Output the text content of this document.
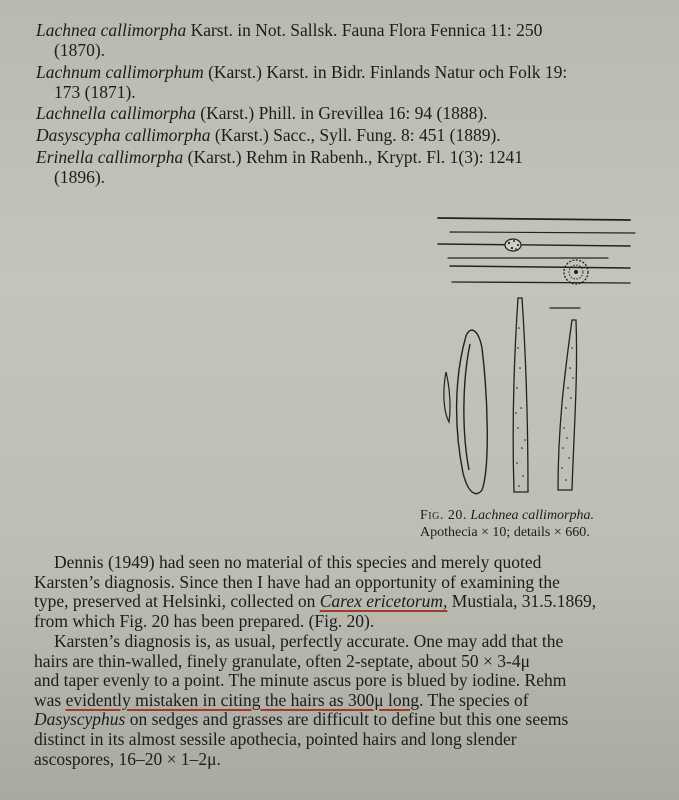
Lachnea callimorpha Karst. in Not. Sallsk. Fauna Flora Fennica 11: 250
(1870).

Lachnum callimorphum (Karst.) Karst. in Bidr. Finlands Natur och Folk 19:
173 (1871).

Lachnella callimorpha (Karst.) Phill. in Grevillea 16: 94 (1888).

Dasyscypha callimorpha (Karst.) Sacc., Syll. Fung. 8: 451 (1889).

Erinella callimorpha (Karst.) Rehm in Rabenh., Krypt. Fl. 1(3): 1241
(1896).

Fig. 20. Lachnea callimorpha.
Apothecia × 10; details × 660.
Dennis (1949) had seen no material of this species and merely quoted
Karsten’s diagnosis. Since then I have had an opportunity of examining the
type, preserved at Helsinki, collected on Carex ericetorum, Mustiala, 31.5.1869,
from which Fig. 20 has been prepared. (Fig. 20).
Karsten’s diagnosis is, as usual, perfectly accurate. One may add that the
hairs are thin-walled, finely granulate, often 2-septate, about 50 × 3-4μ
and taper evenly to a point. The minute ascus pore is blued by iodine. Rehm
was evidently mistaken in citing the hairs as 300μ long. The species of
Dasyscyphus on sedges and grasses are difficult to define but this one seems
distinct in its almost sessile apothecia, pointed hairs and long slender
ascospores, 16–20 × 1–2μ.
